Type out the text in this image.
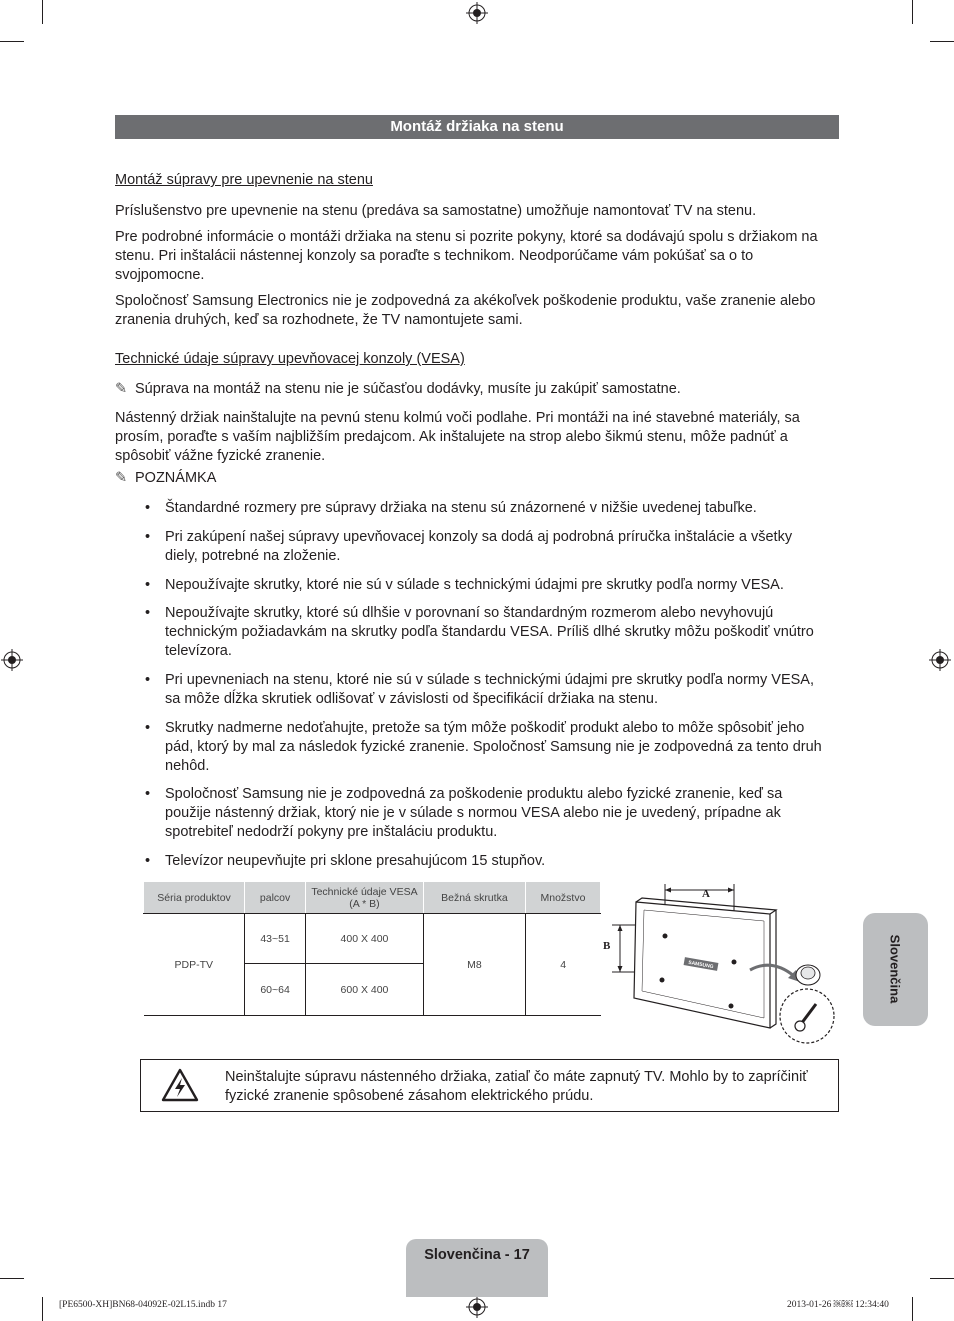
Montáž držiaka na stenu
Montáž súpravy pre upevnenie na stenu

Príslušenstvo pre upevnenie na stenu (predáva sa samostatne) umožňuje namontovať TV na stenu.

Pre podrobné informácie o montáži držiaka na stenu si pozrite pokyny, ktoré sa dodávajú spolu s držiakom na stenu. Pri inštalácii nástennej konzoly sa poraďte s technikom. Neodporúčame vám pokúšať sa o to svojpomocne.

Spoločnosť Samsung Electronics nie je zodpovedná za akékoľvek poškodenie produktu, vaše zranenie alebo zranenia druhých, keď sa rozhodnete, že TV namontujete sami.

Technické údaje súpravy upevňovacej konzoly (VESA)
✎ Súprava na montáž na stenu nie je súčasťou dodávky, musíte ju zakúpiť samostatne.

Nástenný držiak nainštalujte na pevnú stenu kolmú voči podlahe. Pri montáži na iné stavebné materiály, sa prosím, poraďte s vaším najbližším predajcom. Ak inštalujete na strop alebo šikmú stenu, môže padnúť a spôsobiť vážne fyzické zranenie.

✎ POZNÁMKA
• Štandardné rozmery pre súpravy držiaka na stenu sú znázornené v nižšie uvedenej tabuľke.
• Pri zakúpení našej súpravy upevňovacej konzoly sa dodá aj podrobná príručka inštalácie a všetky diely, potrebné na zloženie.
• Nepoužívajte skrutky, ktoré nie sú v súlade s technickými údajmi pre skrutky podľa normy VESA.
• Nepoužívajte skrutky, ktoré sú dlhšie v porovnaní so štandardným rozmerom alebo nevyhovujú technickým požiadavkám na skrutky podľa štandardu VESA. Príliš dlhé skrutky môžu poškodiť vnútro televízora.
• Pri upevneniach na stenu, ktoré nie sú v súlade s technickými údajmi pre skrutky podľa normy VESA, sa môže dĺžka skrutiek odlišovať v závislosti od špecifikácií držiaka na stenu.
• Skrutky nadmerne nedoťahujte, pretože sa tým môže poškodiť produkt alebo to môže spôsobiť jeho pád, ktorý by mal za následok fyzické zranenie. Spoločnosť Samsung nie je zodpovedná za tento druh nehôd.
• Spoločnosť Samsung nie je zodpovedná za poškodenie produktu alebo fyzické zranenie, keď sa použije nástenný držiak, ktorý nie je v súlade s normou VESA alebo nie je uvedený, prípadne ak spotrebiteľ nedodrží pokyny pre inštaláciu produktu.
• Televízor neupevňujte pri sklone presahujúcom 15 stupňov.
Séria produktov	palcov	Technické údaje VESA (A * B)	Bežná skrutka	Množstvo
PDP-TV	43~51	400 X 400	M8	4
	60~64	600 X 400		
A
B
SAMSUNG
Neinštalujte súpravu nástenného držiaka, zatiaľ čo máte zapnutý TV. Mohlo by to zapríčiniť fyzické zranenie spôsobené zásahom elektrického prúdu.
Slovenčina
Slovenčina - 17
[PE6500-XH]BN68-04092E-02L15.indb 17	2013-01-26 ￼￼ 12:34:40
